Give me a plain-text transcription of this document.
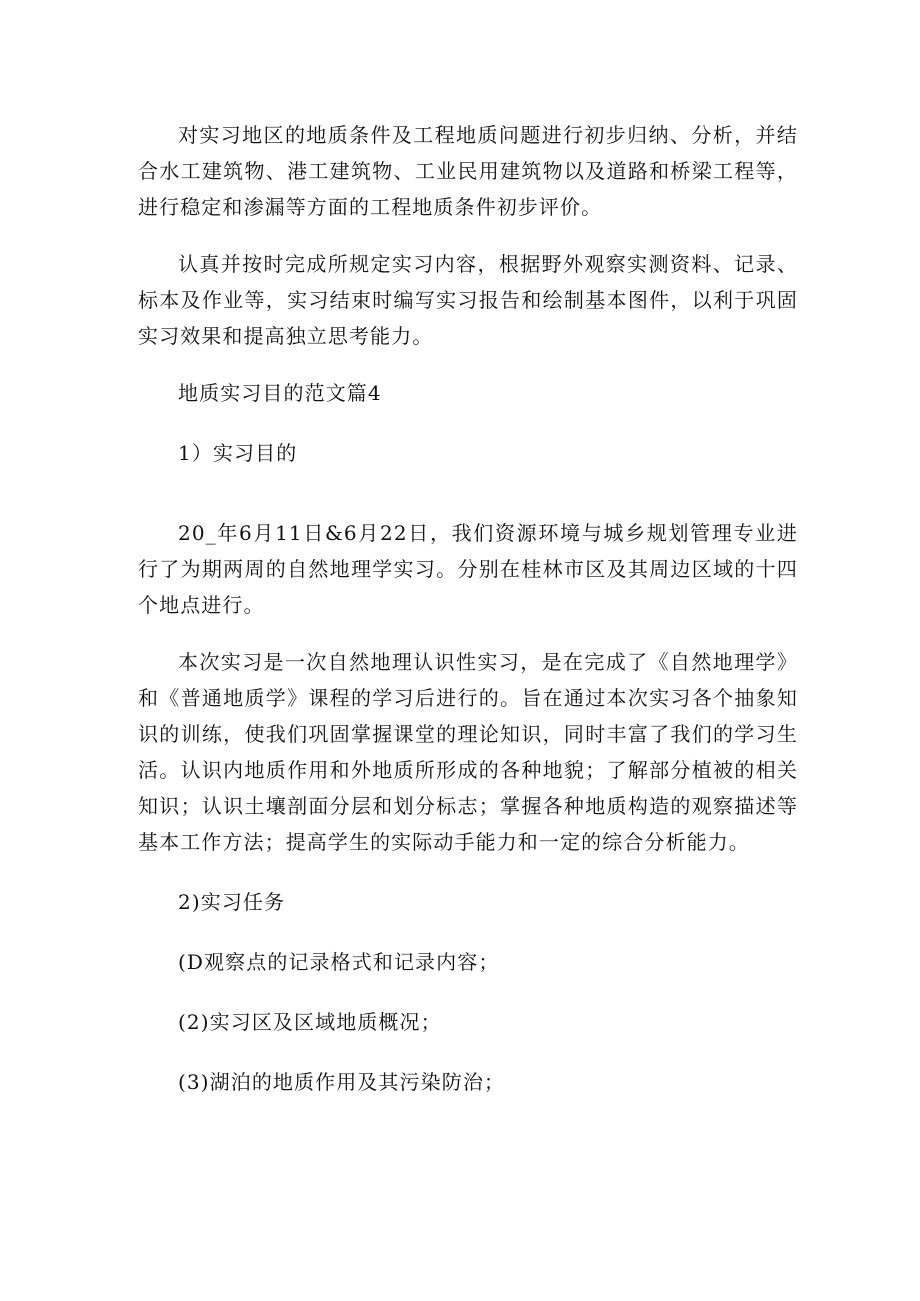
对实习地区的地质条件及工程地质问题进行初步归纳、分析，并结合水工建筑物、港工建筑物、工业民用建筑物以及道路和桥梁工程等，进行稳定和渗漏等方面的工程地质条件初步评价。

认真并按时完成所规定实习内容，根据野外观察实测资料、记录、标本及作业等，实习结束时编写实习报告和绘制基本图件，以利于巩固实习效果和提高独立思考能力。

地质实习目的范文篇4

1）实习目的

20_年6月11日&6月22日，我们资源环境与城乡规划管理专业进行了为期两周的自然地理学实习。分别在桂林市区及其周边区域的十四个地点进行。

本次实习是一次自然地理认识性实习，是在完成了《自然地理学》和《普通地质学》课程的学习后进行的。旨在通过本次实习各个抽象知识的训练，使我们巩固掌握课堂的理论知识，同时丰富了我们的学习生活。认识内地质作用和外地质所形成的各种地貌；了解部分植被的相关知识；认识土壤剖面分层和划分标志；掌握各种地质构造的观察描述等基本工作方法；提高学生的实际动手能力和一定的综合分析能力。

2)实习任务

(D观察点的记录格式和记录内容；

(2)实习区及区域地质概况；

(3)湖泊的地质作用及其污染防治；
